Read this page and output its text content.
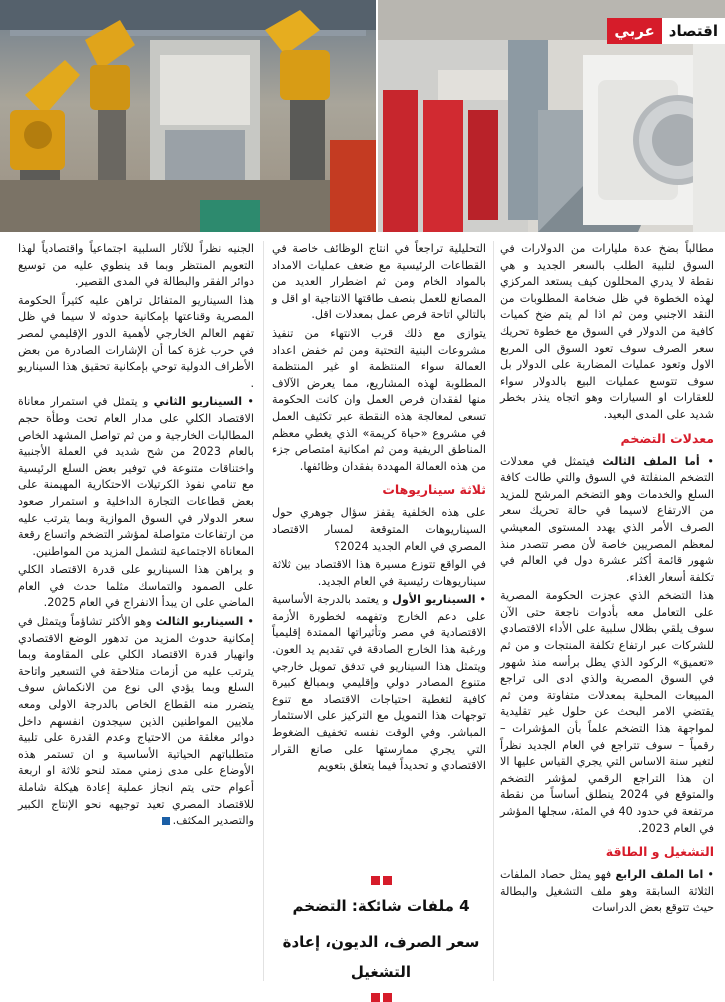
اقتصاد
عربي

مطالباً بضخ عدة مليارات من الدولارات في السوق لتلبية الطلب بالسعر الجديد و هي نقطة لا يدري المحللون كيف يستعد المركزي لهذه الخطوة في ظل ضخامة المطلوبات من النقد الاجنبي ومن ثم اذا لم يتم ضخ كميات كافية من الدولار في السوق مع خطوة تحريك سعر الصرف سوف تعود السوق الى المربع الاول وتعود عمليات المضاربة على الدولار بل سوف تتوسع عمليات البيع بالدولار سواء للعقارات او السيارات وهو اتجاه ينذر بخطر شديد على المدى البعيد.

معدلات التضخم

• أما الملف الثالث فيتمثل في معدلات التضخم المنفلتة في السوق والتي طالت كافة السلع والخدمات وهو التضخم المرشح للمزيد من الارتفاع لاسيما في حالة تحريك سعر الصرف الأمر الذي يهدد المستوى المعيشي لمعظم المصريين خاصة لأن مصر تتصدر منذ شهور قائمة أكثر عشرة دول في العالم في تكلفة أسعار الغذاء.

هذا التضخم الذي عجزت الحكومة المصرية على التعامل معه بأدوات ناجعة حتى الآن سوف يلقي بظلال سلبية على الأداء الاقتصادي للشركات عبر ارتفاع تكلفة المنتجات و من ثم «تعميق» الركود الذي يطل برأسه منذ شهور في السوق المصرية والذي ادى الى تراجع المبيعات المحلية بمعدلات متفاوتة ومن ثم يقتضي الامر البحث عن حلول غير تقليدية لمواجهة هذا التضخم علماً بأن المؤشرات – رقمياً – سوف تتراجع في العام الجديد نظراً لتغير سنة الاساس التي يجري القياس عليها الا ان هذا التراجع الرقمي لمؤشر التضخم والمتوقع في 2024 ينطلق أساساً من نقطة مرتفعة في حدود 40 في المئة، سجلها المؤشر في العام 2023.

التشغيل و الطاقة

• اما الملف الرابع فهو يمثل حصاد الملفات الثلاثة السابقة وهو ملف التشغيل والبطالة حيث تتوقع بعض الدراسات

التحليلية تراجعاً في انتاج الوظائف خاصة في القطاعات الرئيسية مع ضعف عمليات الامداد بالمواد الخام ومن ثم اضطرار العديد من المصانع للعمل بنصف طاقتها الانتاجية او اقل و بالتالي اتاحة فرص عمل بمعدلات اقل.

يتوازى مع ذلك قرب الانتهاء من تنفيذ مشروعات البنية التحتية ومن ثم خفض اعداد العمالة سواء المنتظمة او غير المنتظمة المطلوبة لهذه المشاريع، مما يعرض الآلاف منها لفقدان فرص العمل وان كانت الحكومة تسعى لمعالجة هذه النقطة عبر تكثيف العمل في مشروع «حياة كريمة» الذي يغطي معظم المناطق الريفية ومن ثم امكانية امتصاص جزء من هذه العمالة المهددة بفقدان وظائفها.

ثلاثة سيناريوهات

على هذه الخلفية يقفز سؤال جوهري حول السيناريوهات المتوقعة لمسار الاقتصاد المصري في العام الجديد 2024؟

في الواقع تتوزع مسيرة هذا الاقتصاد بين ثلاثة سيناريوهات رئيسية في العام الجديد.

• السيناريو الأول و يعتمد بالدرجة الأساسية على دعم الخارج وتفهمه لخطورة الأزمة الاقتصادية في مصر وتأثيراتها الممتدة إقليمياً ورغبة هذا الخارج الصادقة في تقديم يد العون. ويتمثل هذا السيناريو في تدفق تمويل خارجي متنوع المصادر دولي وإقليمي وبمبالغ كبيرة كافية لتغطية احتياجات الاقتصاد مع تنوع توجهات هذا التمويل مع التركيز على الاستثمار المباشر. وفي الوقت نفسه تخفيف الضغوط التي يجري ممارستها على صانع القرار الاقتصادي و تحديداً فيما يتعلق بتعويم

4 ملفات شائكة: التضخم
سعر الصرف، الديون، إعادة التشغيل

الجنيه نظراً للآثار السلبية اجتماعياً واقتصادياً لهذا التعويم المنتظر وبما قد ينطوي عليه من توسيع دوائر الفقر والبطالة في المدى القصير.

هذا السيناريو المتفائل تراهن عليه كثيراً الحكومة المصرية وقناعتها بإمكانية حدوثه لا سيما في ظل تفهم العالم الخارجي لأهمية الدور الإقليمي لمصر في حرب غزة كما أن الإشارات الصادرة من بعض الأطراف الدولية توحي بإمكانية تحقيق هذا السيناريو .

• السيناريو الثاني و يتمثل في استمرار معاناة الاقتصاد الكلي على مدار العام تحت وطأة حجم المطالبات الخارجية و من ثم تواصل المشهد الخاص بالعام 2023 من شح شديد في العملة الأجنبية واختناقات متنوعة في توفير بعض السلع الرئيسية مع تنامي نفوذ الكرتيلات الاحتكارية المهيمنة على بعض قطاعات التجارة الداخلية و استمرار صعود سعر الدولار في السوق الموازية وبما يترتب عليه من ارتفاعات متواصلة لمؤشر التضخم واتساع رقعة المعاناة الاجتماعية لتشمل المزيد من المواطنين.

و يراهن هذا السيناريو على قدرة الاقتصاد الكلي على الصمود والتماسك مثلما حدث في العام الماضي على ان يبدأ الانفراج في العام 2025.

• السيناريو الثالث وهو الأكثر تشاؤماً ويتمثل في إمكانية حدوث المزيد من تدهور الوضع الاقتصادي وانهيار قدرة الاقتصاد الكلي على المقاومة وبما يترتب عليه من أزمات متلاحقة في التسعير واتاحة السلع وبما يؤدي الى نوع من الانكماش سوف يتضرر منه القطاع الخاص بالدرجة الاولى ومعه ملايين المواطنين الذين سيجدون انفسهم داخل دوائر مغلقة من الاحتياج وعدم القدرة على تلبية متطلباتهم الحياتية الأساسية و ان تستمر هذه الأوضاع على مدى زمني ممتد لنحو ثلاثة او اربعة أعوام حتى يتم انجاز عملية إعادة هيكلة شاملة للاقتصاد المصري تعيد توجيهه نحو الإنتاج الكبير والتصدير المكثف.
